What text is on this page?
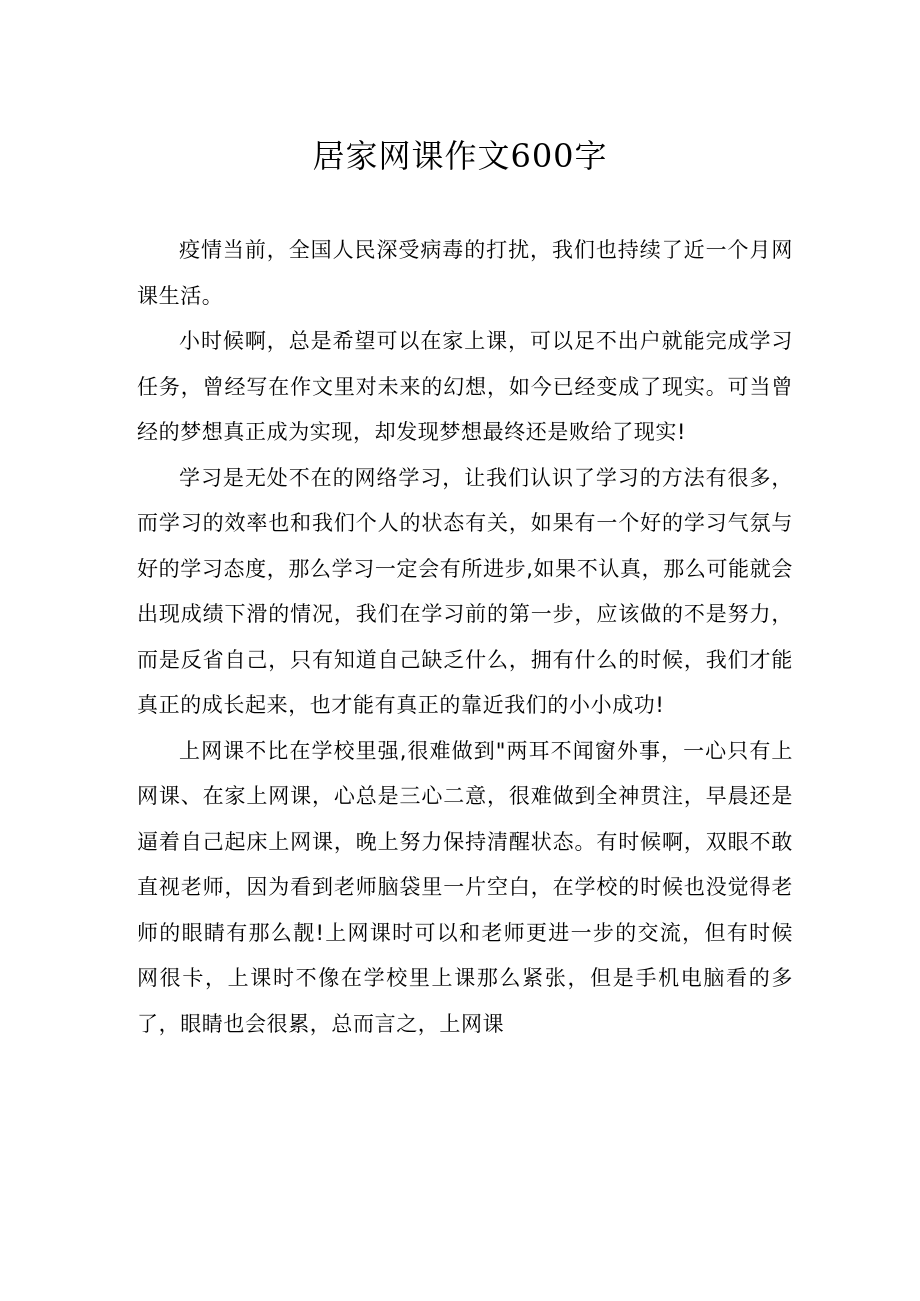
居家网课作文600字

疫情当前，全国人民深受病毒的打扰，我们也持续了近一个月网课生活。

小时候啊，总是希望可以在家上课，可以足不出户就能完成学习任务，曾经写在作文里对未来的幻想，如今已经变成了现实。可当曾经的梦想真正成为实现，却发现梦想最终还是败给了现实!

学习是无处不在的网络学习，让我们认识了学习的方法有很多，而学习的效率也和我们个人的状态有关，如果有一个好的学习气氛与好的学习态度，那么学习一定会有所进步,如果不认真，那么可能就会出现成绩下滑的情况，我们在学习前的第一步，应该做的不是努力，而是反省自己，只有知道自己缺乏什么，拥有什么的时候，我们才能真正的成长起来，也才能有真正的靠近我们的小小成功!

上网课不比在学校里强,很难做到"两耳不闻窗外事，一心只有上网课、在家上网课，心总是三心二意，很难做到全神贯注，早晨还是逼着自己起床上网课，晚上努力保持清醒状态。有时候啊，双眼不敢直视老师，因为看到老师脑袋里一片空白，在学校的时候也没觉得老师的眼睛有那么靓!上网课时可以和老师更进一步的交流，但有时候网很卡，上课时不像在学校里上课那么紧张，但是手机电脑看的多了，眼睛也会很累，总而言之，上网课
